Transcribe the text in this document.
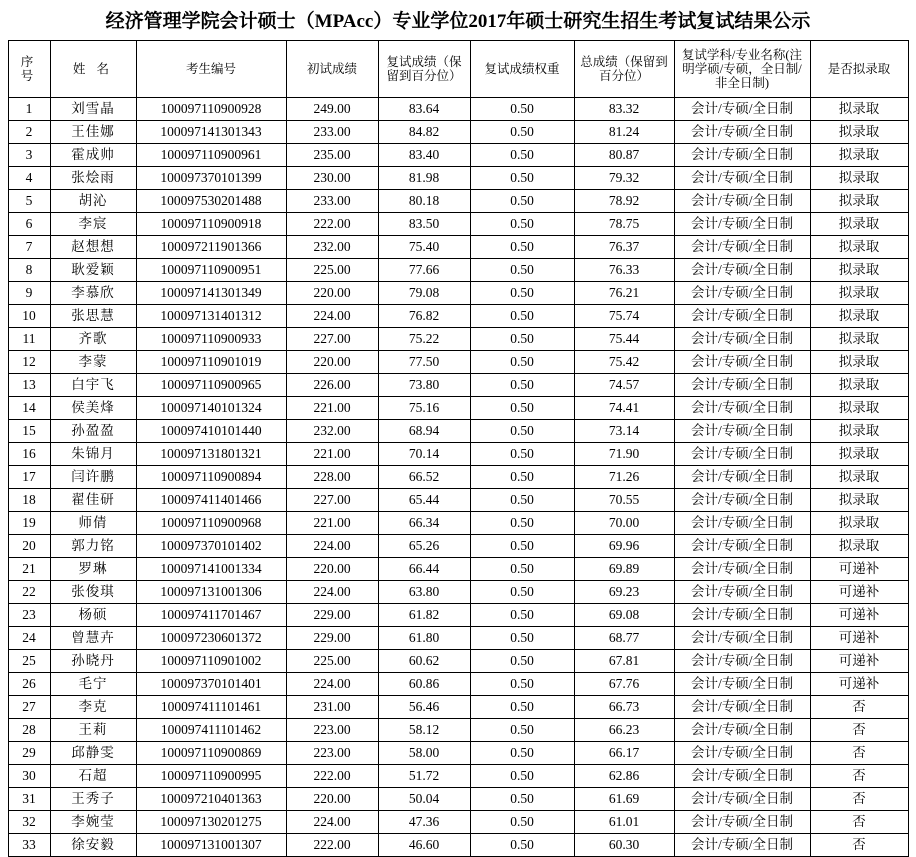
经济管理学院会计硕士（MPAcc）专业学位2017年硕士研究生招生考试复试结果公示
序 号	姓 名	考生编号	初试成绩	复试成绩（保留到百分位）	复试成绩权重	总成绩（保留到百分位）	复试学科/专业名称(注明学硕/专硕，全日制/非全日制)	是否拟录取
1	刘雪晶	100097110900928	249.00	83.64	0.50	83.32	会计/专硕/全日制	拟录取
2	王佳娜	100097141301343	233.00	84.82	0.50	81.24	会计/专硕/全日制	拟录取
3	霍成帅	100097110900961	235.00	83.40	0.50	80.87	会计/专硕/全日制	拟录取
4	张烩雨	100097370101399	230.00	81.98	0.50	79.32	会计/专硕/全日制	拟录取
5	胡沁	100097530201488	233.00	80.18	0.50	78.92	会计/专硕/全日制	拟录取
6	李宸	100097110900918	222.00	83.50	0.50	78.75	会计/专硕/全日制	拟录取
7	赵想想	100097211901366	232.00	75.40	0.50	76.37	会计/专硕/全日制	拟录取
8	耿爱颖	100097110900951	225.00	77.66	0.50	76.33	会计/专硕/全日制	拟录取
9	李慕欣	100097141301349	220.00	79.08	0.50	76.21	会计/专硕/全日制	拟录取
10	张思慧	100097131401312	224.00	76.82	0.50	75.74	会计/专硕/全日制	拟录取
11	齐歌	100097110900933	227.00	75.22	0.50	75.44	会计/专硕/全日制	拟录取
12	李蒙	100097110901019	220.00	77.50	0.50	75.42	会计/专硕/全日制	拟录取
13	白宇飞	100097110900965	226.00	73.80	0.50	74.57	会计/专硕/全日制	拟录取
14	侯美烽	100097140101324	221.00	75.16	0.50	74.41	会计/专硕/全日制	拟录取
15	孙盈盈	100097410101440	232.00	68.94	0.50	73.14	会计/专硕/全日制	拟录取
16	朱锦月	100097131801321	221.00	70.14	0.50	71.90	会计/专硕/全日制	拟录取
17	闫许鹏	100097110900894	228.00	66.52	0.50	71.26	会计/专硕/全日制	拟录取
18	翟佳研	100097411401466	227.00	65.44	0.50	70.55	会计/专硕/全日制	拟录取
19	师倩	100097110900968	221.00	66.34	0.50	70.00	会计/专硕/全日制	拟录取
20	郭力铭	100097370101402	224.00	65.26	0.50	69.96	会计/专硕/全日制	拟录取
21	罗琳	100097141001334	220.00	66.44	0.50	69.89	会计/专硕/全日制	可递补
22	张俊琪	100097131001306	224.00	63.80	0.50	69.23	会计/专硕/全日制	可递补
23	杨硕	100097411701467	229.00	61.82	0.50	69.08	会计/专硕/全日制	可递补
24	曾慧卉	100097230601372	229.00	61.80	0.50	68.77	会计/专硕/全日制	可递补
25	孙晓丹	100097110901002	225.00	60.62	0.50	67.81	会计/专硕/全日制	可递补
26	毛宁	100097370101401	224.00	60.86	0.50	67.76	会计/专硕/全日制	可递补
27	李克	100097411101461	231.00	56.46	0.50	66.73	会计/专硕/全日制	否
28	王莉	100097411101462	223.00	58.12	0.50	66.23	会计/专硕/全日制	否
29	邱静雯	100097110900869	223.00	58.00	0.50	66.17	会计/专硕/全日制	否
30	石超	100097110900995	222.00	51.72	0.50	62.86	会计/专硕/全日制	否
31	王秀子	100097210401363	220.00	50.04	0.50	61.69	会计/专硕/全日制	否
32	李婉莹	100097130201275	224.00	47.36	0.50	61.01	会计/专硕/全日制	否
33	徐安毅	100097131001307	222.00	46.60	0.50	60.30	会计/专硕/全日制	否
